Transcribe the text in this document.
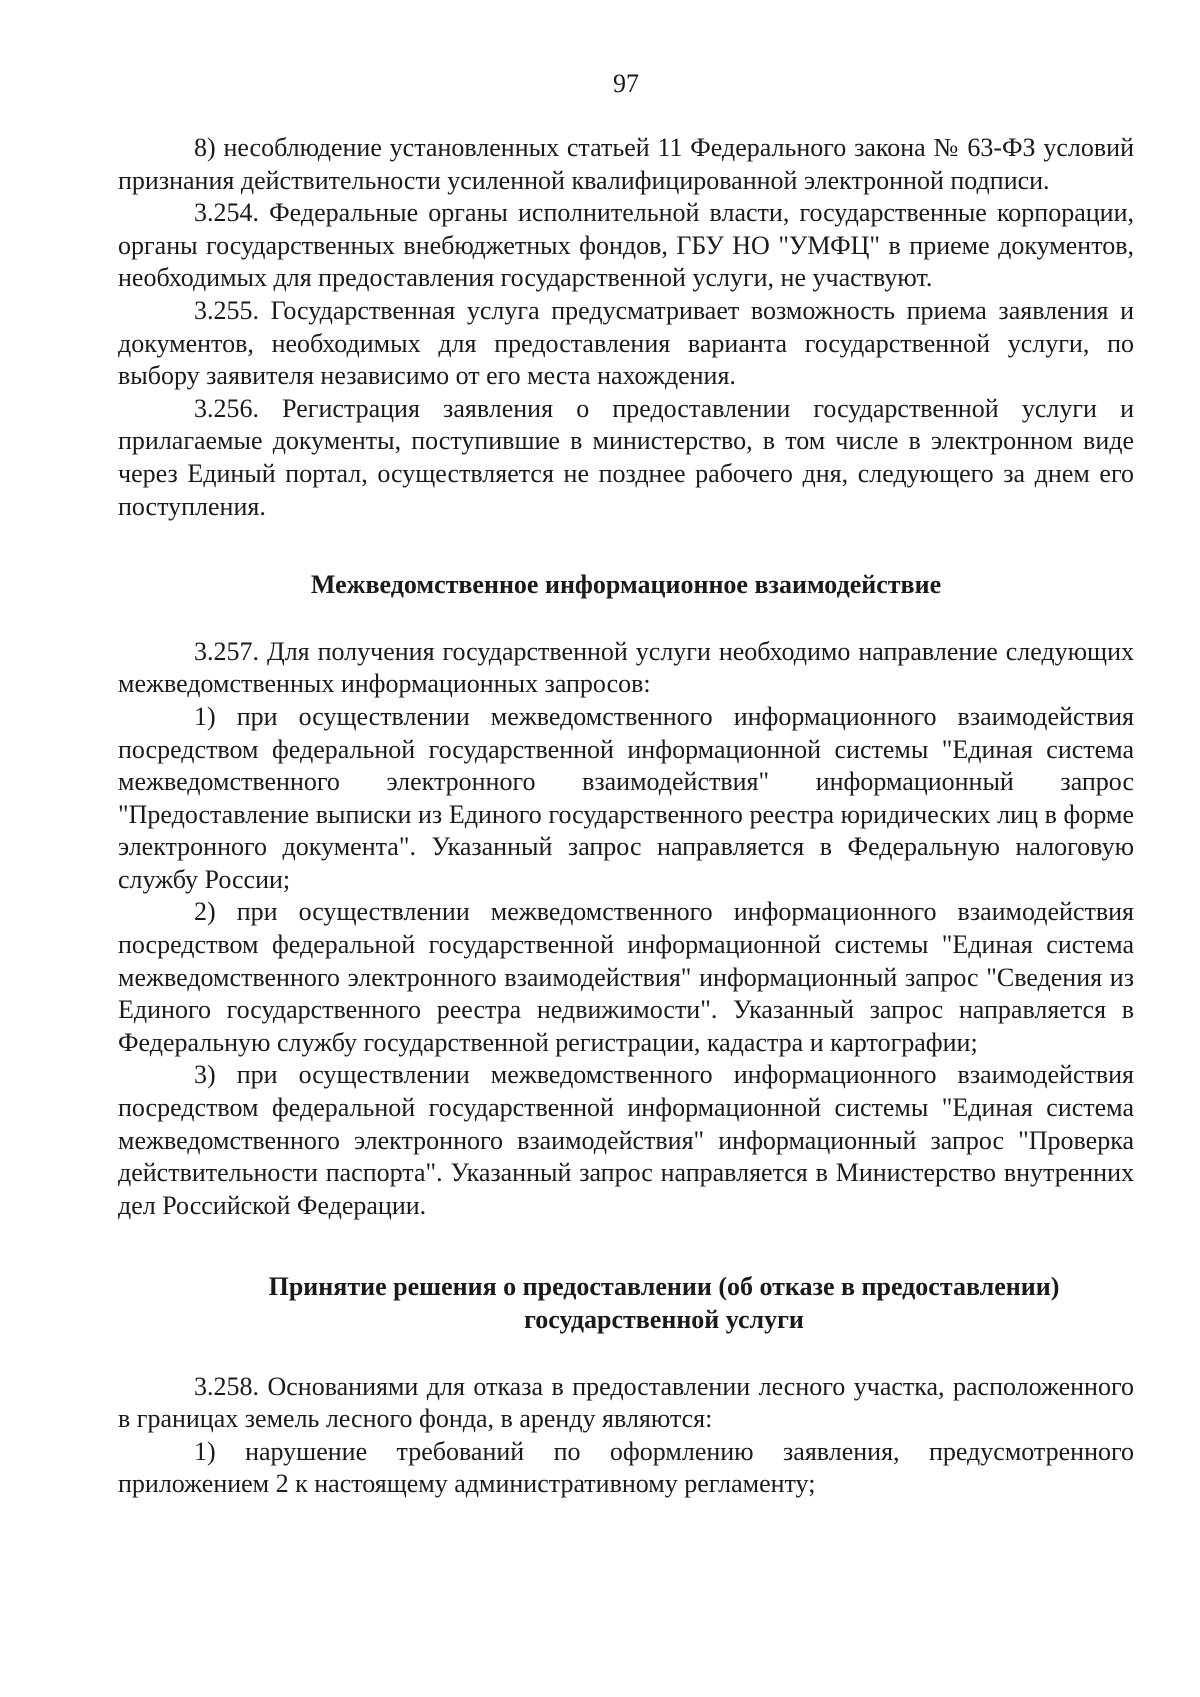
97

8) несоблюдение установленных статьей 11 Федерального закона № 63-ФЗ условий признания действительности усиленной квалифицированной электронной подписи.

3.254. Федеральные органы исполнительной власти, государственные корпорации, органы государственных внебюджетных фондов, ГБУ НО "УМФЦ" в приеме документов, необходимых для предоставления государственной услуги, не участвуют.

3.255. Государственная услуга предусматривает возможность приема заявления и документов, необходимых для предоставления варианта государственной услуги, по выбору заявителя независимо от его места нахождения.

3.256. Регистрация заявления о предоставлении государственной услуги и прилагаемые документы, поступившие в министерство, в том числе в электронном виде через Единый портал, осуществляется не позднее рабочего дня, следующего за днем его поступления.

Межведомственное информационное взаимодействие

3.257. Для получения государственной услуги необходимо направление следующих межведомственных информационных запросов:

1) при осуществлении межведомственного информационного взаимодействия посредством федеральной государственной информационной системы "Единая система межведомственного электронного взаимодействия" информационный запрос "Предоставление выписки из Единого государственного реестра юридических лиц в форме электронного документа". Указанный запрос направляется в Федеральную налоговую службу России;

2) при осуществлении межведомственного информационного взаимодействия посредством федеральной государственной информационной системы "Единая система межведомственного электронного взаимодействия" информационный запрос "Сведения из Единого государственного реестра недвижимости". Указанный запрос направляется в Федеральную службу государственной регистрации, кадастра и картографии;

3) при осуществлении межведомственного информационного взаимодействия посредством федеральной государственной информационной системы "Единая система межведомственного электронного взаимодействия" информационный запрос "Проверка действительности паспорта". Указанный запрос направляется в Министерство внутренних дел Российской Федерации.

Принятие решения о предоставлении (об отказе в предоставлении)
государственной услуги

3.258. Основаниями для отказа в предоставлении лесного участка, расположенного в границах земель лесного фонда, в аренду являются:

1) нарушение требований по оформлению заявления, предусмотренного приложением 2 к настоящему административному регламенту;
